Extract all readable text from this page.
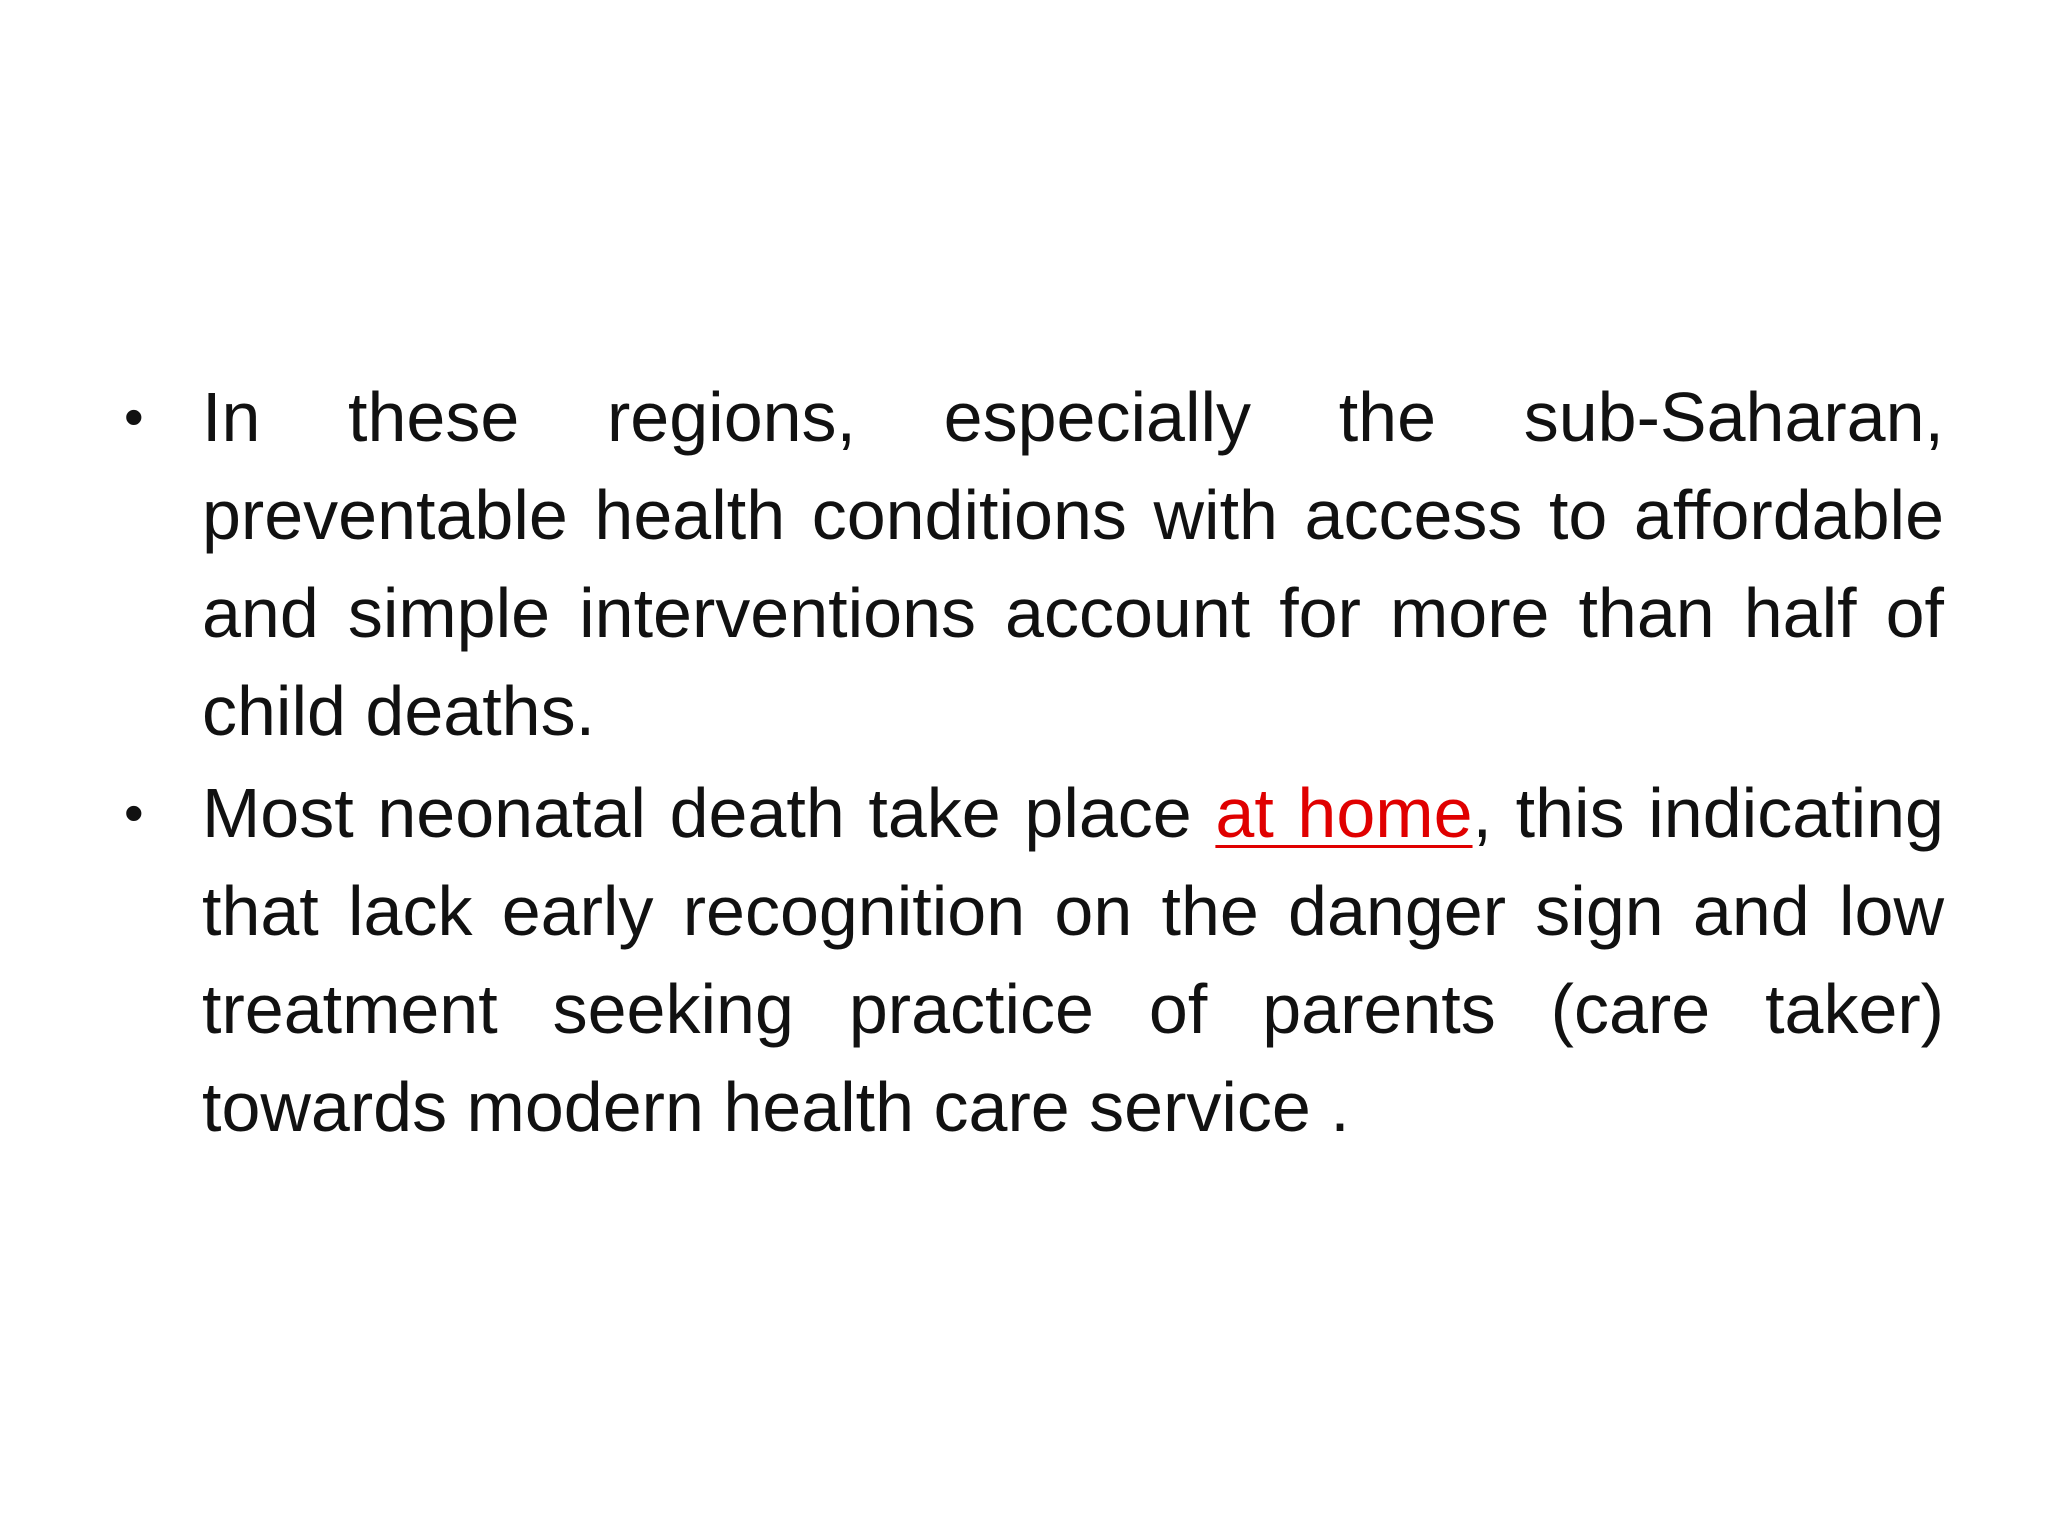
• In these regions, especially the sub-Saharan, preventable health conditions with access to affordable and simple interventions account for more than half of child deaths.
• Most neonatal death take place at home, this indicating that lack early recognition on the danger sign and low treatment seeking practice of parents (care taker) towards modern health care service .
